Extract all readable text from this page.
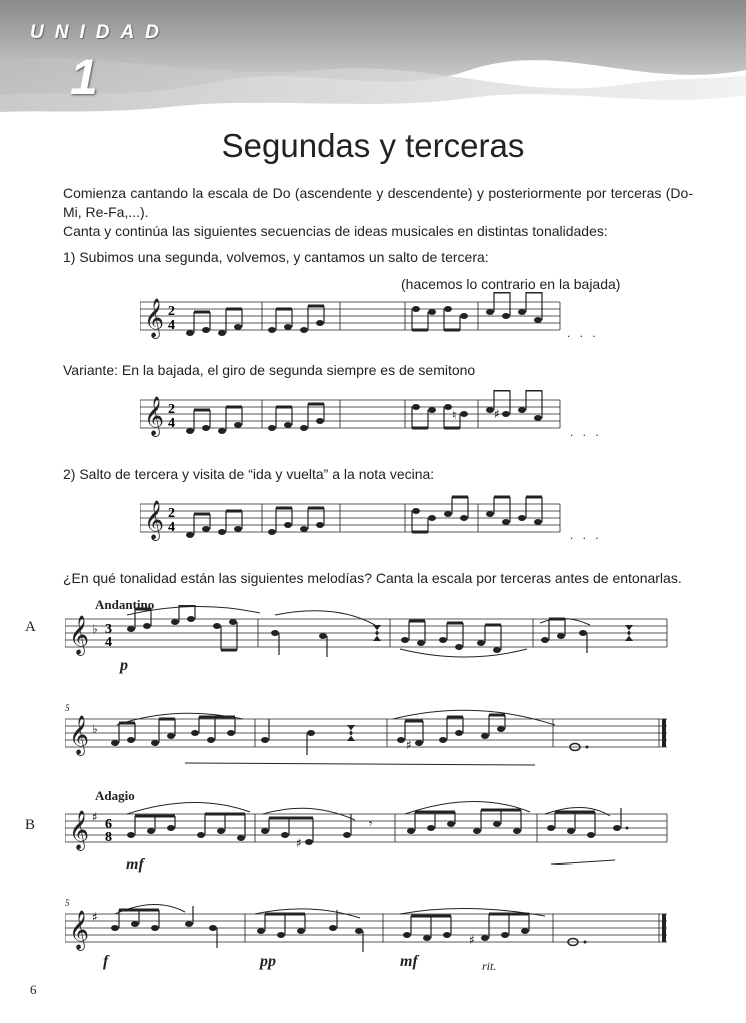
UNIDAD
1
Segundas y terceras
Comienza cantando la escala de Do (ascendente y descendente) y posteriormente por terceras (Do-Mi, Re-Fa,...).
Canta y continúa las siguientes secuencias de ideas musicales en distintas tonalidades:
1) Subimos una segunda, volvemos, y cantamos un salto de tercera:
(hacemos lo contrario en la bajada)
𝄞 2
4	. . .
Variante: En la bajada, el giro de segunda siempre es de semitono
𝄞 2
4
♮	♯
. . .
2) Salto de tercera y visita de “ida y vuelta” a la nota vecina:
𝄞 2
4	. . .
¿En qué tonalidad están las siguientes melodías? Canta la escala por terceras antes de entonarlas.
A
Andantino
p
𝄞 ♭ 3
4
5
𝄞 ♭
♯
B
Adagio
mf
𝄞 ♯ 6
8	♯
𝄾
5
𝄞 ♯
♯
f	pp	mf	rit.
6
